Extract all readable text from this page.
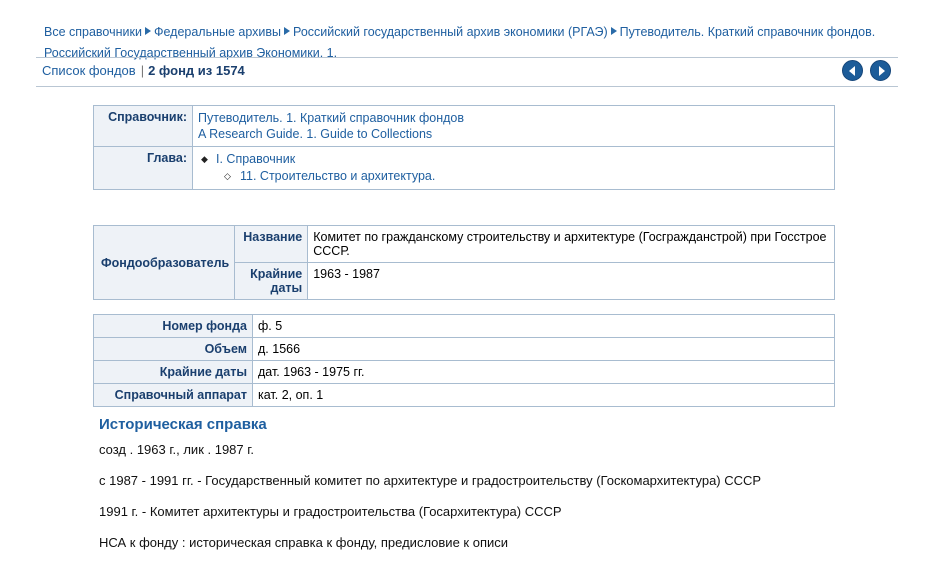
Все справочники Федеральные архивы Российский государственный архив экономики (РГАЭ) Путеводитель. Краткий справочник фондов. Российский Государственный архив Экономики. 1.
Список фондов | 2 фонд из 1574
Справочник:	Путеводитель. 1. Краткий справочник фондов
A Research Guide. 1. Guide to Collections

Глава:	
◆I. Справочник
◇ 11. Строительство и архитектура.
Фондообразователь	Название	Комитет по гражданскому строительству и архитектуре (Госгражданстрой) при Госстрое СССР.
	Крайние даты	1963 - 1987
Номер фонда	ф. 5
Объем	д. 1566
Крайние даты	дат. 1963 - 1975 гг.
Справочный аппарат	кат. 2, оп. 1
Историческая справка

созд . 1963 г., лик . 1987 г.

с 1987 - 1991 гг. - Государственный комитет по архитектуре и градостроительству (Госкомархитектура) СССР

1991 г. - Комитет архитектуры и градостроительства (Госархитектура) СССР

НСА к фонду : историческая справка к фонду, предисловие к описи
